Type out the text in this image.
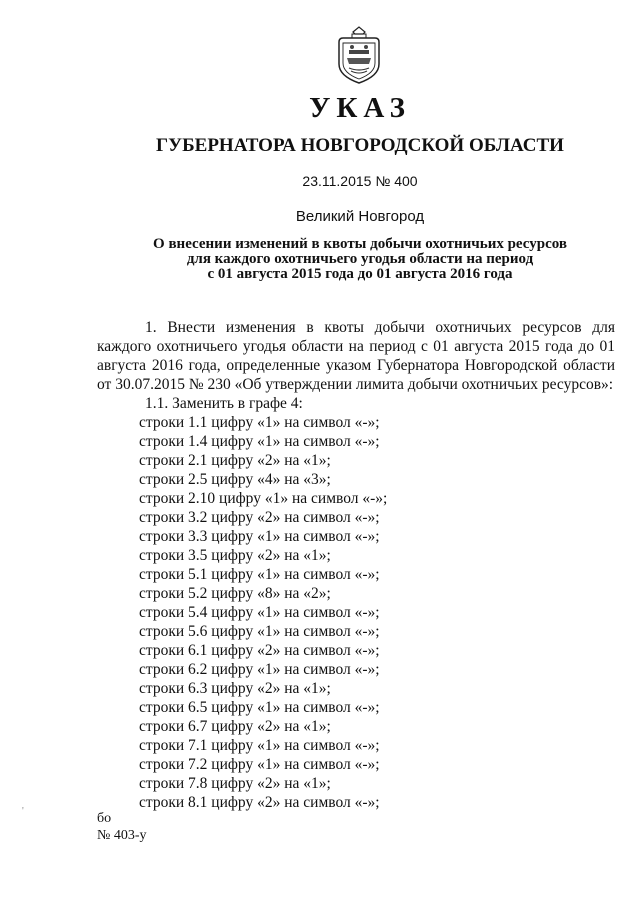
УКАЗ
ГУБЕРНАТОРА НОВГОРОДСКОЙ ОБЛАСТИ
23.11.2015 № 400
Великий Новгород
О внесении изменений в квоты добычи охотничьих ресурсов
для каждого охотничьего угодья области на период
с 01 августа 2015 года до 01 августа 2016 года
1. Внести изменения в квоты добычи охотничьих ресурсов для каждого охотничьего угодья области на период с 01 августа 2015 года до 01 августа 2016 года, определенные указом Губернатора Новгородской области от 30.07.2015 № 230 «Об утверждении лимита добычи охотничьих ресурсов»:
1.1. Заменить в графе 4:
строки 1.1 цифру «1» на символ «-»;
строки 1.4 цифру «1» на символ «-»;
строки 2.1 цифру «2» на «1»;
строки 2.5 цифру «4» на «3»;
строки 2.10 цифру «1» на символ «-»;
строки 3.2 цифру «2» на символ «-»;
строки 3.3 цифру «1» на символ «-»;
строки 3.5 цифру «2» на «1»;
строки 5.1 цифру «1» на символ «-»;
строки 5.2 цифру «8» на «2»;
строки 5.4 цифру «1» на символ «-»;
строки 5.6 цифру «1» на символ «-»;
строки 6.1 цифру «2» на символ «-»;
строки 6.2 цифру «1» на символ «-»;
строки 6.3 цифру «2» на «1»;
строки 6.5 цифру «1» на символ «-»;
строки 6.7 цифру «2» на «1»;
строки 7.1 цифру «1» на символ «-»;
строки 7.2 цифру «1» на символ «-»;
строки 7.8 цифру «2» на «1»;
строки 8.1 цифру «2» на символ «-»;
'	бо
№ 403-у
